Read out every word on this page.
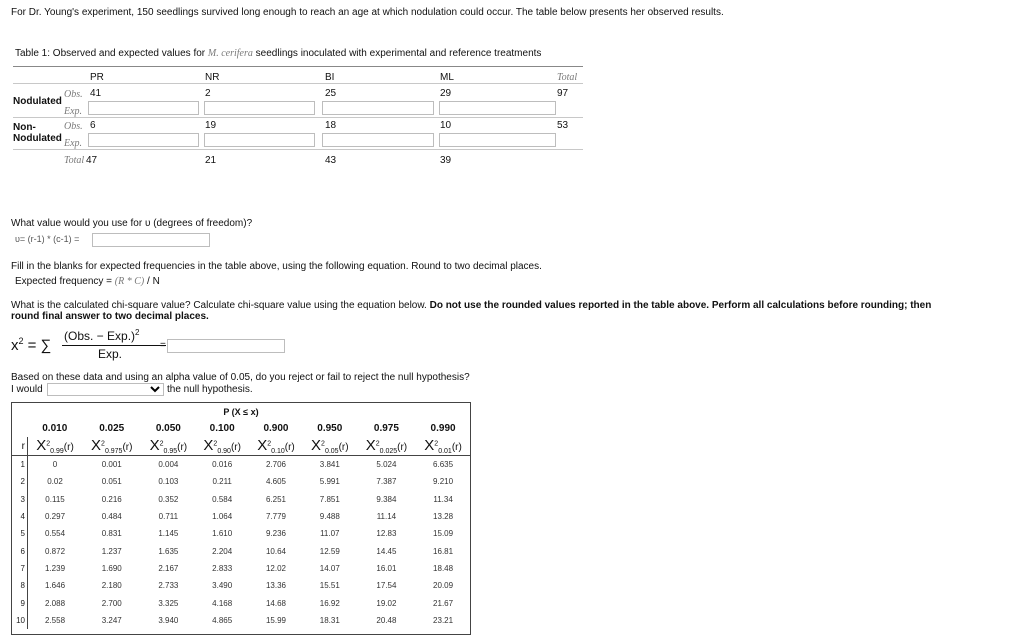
For Dr. Young's experiment, 150 seedlings survived long enough to reach an age at which nodulation could occur. The table below presents her observed results.
Table 1: Observed and expected values for M. cerifera seedlings inoculated with experimental and reference treatments
PR	NR	BI	ML	Total
Nodulated
Obs. 41	2	25	29	97
Exp.
Non-
Nodulated
Obs. 6	19	18	10	53
Exp.
Total 47	21	43	39
What value would you use for υ (degrees of freedom)?
υ= (r-1) * (c-1) =
Fill in the blanks for expected frequencies in the table above, using the following equation. Round to two decimal places.
Expected frequency = (R * C) / N
What is the calculated chi-square value? Calculate chi-square value using the equation below. Do not use the rounded values reported in the table above. Perform all calculations before rounding; then
round final answer to two decimal places.
$x^2$ = ∑
(Obs. − Exp.)$^2$
Exp.
=
Based on these data and using an alpha value of 0.05, do you reject or fail to reject the null hypothesis?
I would	the null hypothesis.
P (X ≤ x)
	0.010	0.025	0.050	0.100	0.900	0.950	0.975	0.990
r	$X^2_{0.99}(r)$	$X^2_{0.975}(r)$	$X^2_{0.95}(r)$	$X^2_{0.90}(r)$	$X^2_{0.10}(r)$	$X^2_{0.05}(r)$	$X^2_{0.025}(r)$	$X^2_{0.01}(r)$
1	0	0.001	0.004	0.016	2.706	3.841	5.024	6.635
2	0.02	0.051	0.103	0.211	4.605	5.991	7.387	9.210
3	0.115	0.216	0.352	0.584	6.251	7.851	9.384	11.34
4	0.297	0.484	0.711	1.064	7.779	9.488	11.14	13.28
5	0.554	0.831	1.145	1.610	9.236	11.07	12.83	15.09
6	0.872	1.237	1.635	2.204	10.64	12.59	14.45	16.81
7	1.239	1.690	2.167	2.833	12.02	14.07	16.01	18.48
8	1.646	2.180	2.733	3.490	13.36	15.51	17.54	20.09
9	2.088	2.700	3.325	4.168	14.68	16.92	19.02	21.67
10	2.558	3.247	3.940	4.865	15.99	18.31	20.48	23.21
